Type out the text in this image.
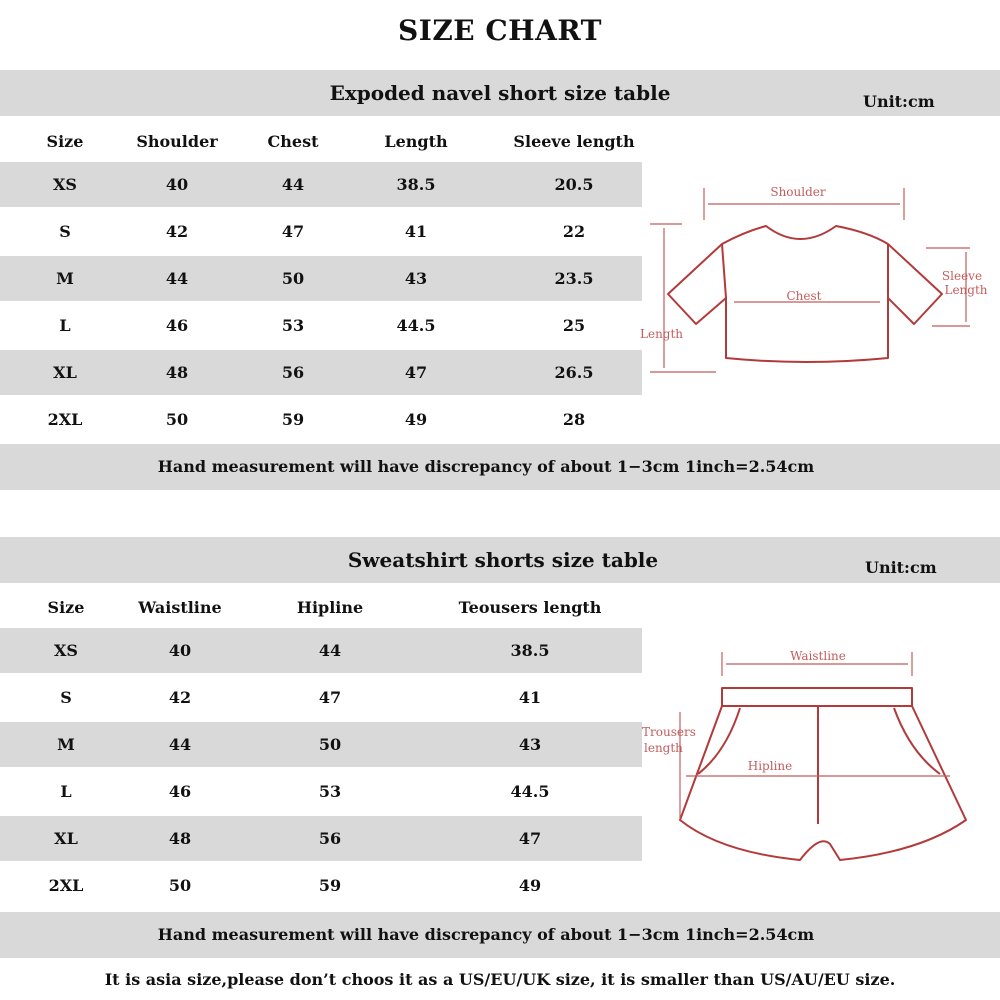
SIZE CHART
Expoded navel short size table	Unit:cm
Size	Shoulder	Chest	Length	Sleeve length
XS	40	44	38.5	20.5
S	42	47	41	22
M	44	50	43	23.5
L	46	53	44.5	25
XL	48	56	47	26.5
2XL	50	59	49	28
Hand measurement will have discrepancy of about 1−3cm 1inch=2.54cm
Shoulder
Chest
Length
Sleeve
Length
Sweatshirt shorts size table	Unit:cm
Size	Waistline	Hipline	Teousers length
XS	40	44	38.5
S	42	47	41
M	44	50	43
L	46	53	44.5
XL	48	56	47
2XL	50	59	49
Hand measurement will have discrepancy of about 1−3cm 1inch=2.54cm
Waistline
Hipline
Trousers
length
It is asia size,please don’t choos it as a US/EU/UK size, it is smaller than US/AU/EU size.
